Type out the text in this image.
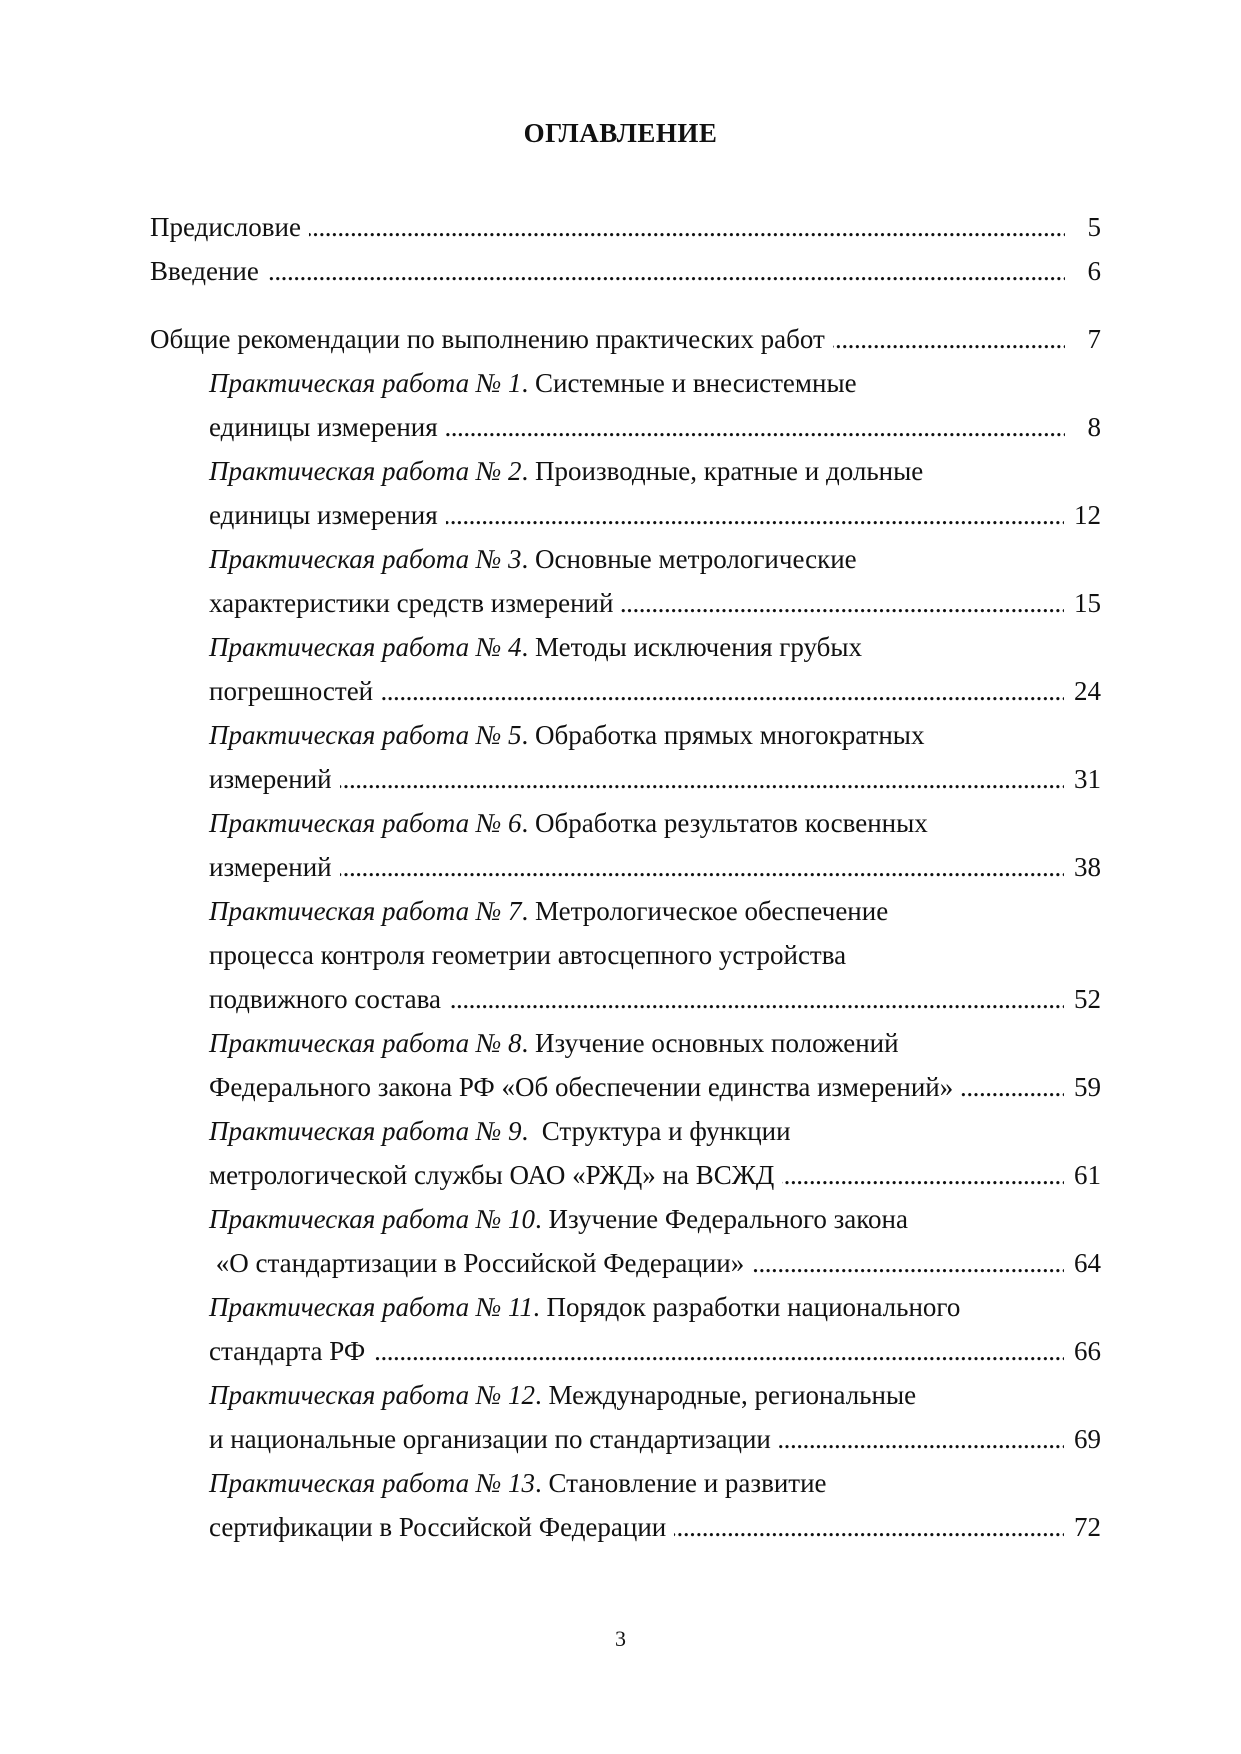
ОГЛАВЛЕНИЕ
Предисловие . . .	5
Введение . . .	6
Общие рекомендации по выполнению практических работ . . .	7
Практическая работа № 1. Системные и внесистемные
единицы измерения . . .	8
Практическая работа № 2. Производные, кратные и дольные
единицы измерения . . .	12
Практическая работа № 3. Основные метрологические
характеристики средств измерений . . .	15
Практическая работа № 4. Методы исключения грубых
погрешностей . . .	24
Практическая работа № 5. Обработка прямых многократных
измерений . . .	31
Практическая работа № 6. Обработка результатов косвенных
измерений . . .	38
Практическая работа № 7. Метрологическое обеспечение
процесса контроля геометрии автосцепного устройства
подвижного состава . . .	52
Практическая работа № 8. Изучение основных положений
Федерального закона РФ «Об обеспечении единства измерений» . . .	59
Практическая работа № 9.  Структура и функции
метрологической службы ОАО «РЖД» на ВСЖД . . .	61
Практическая работа № 10. Изучение Федерального закона
«О стандартизации в Российской Федерации» . . .	64
Практическая работа № 11. Порядок разработки национального
стандарта РФ . . .	66
Практическая работа № 12. Международные, региональные
и национальные организации по стандартизации . . .	69
Практическая работа № 13. Становление и развитие
сертификации в Российской Федерации . . .	72
3
